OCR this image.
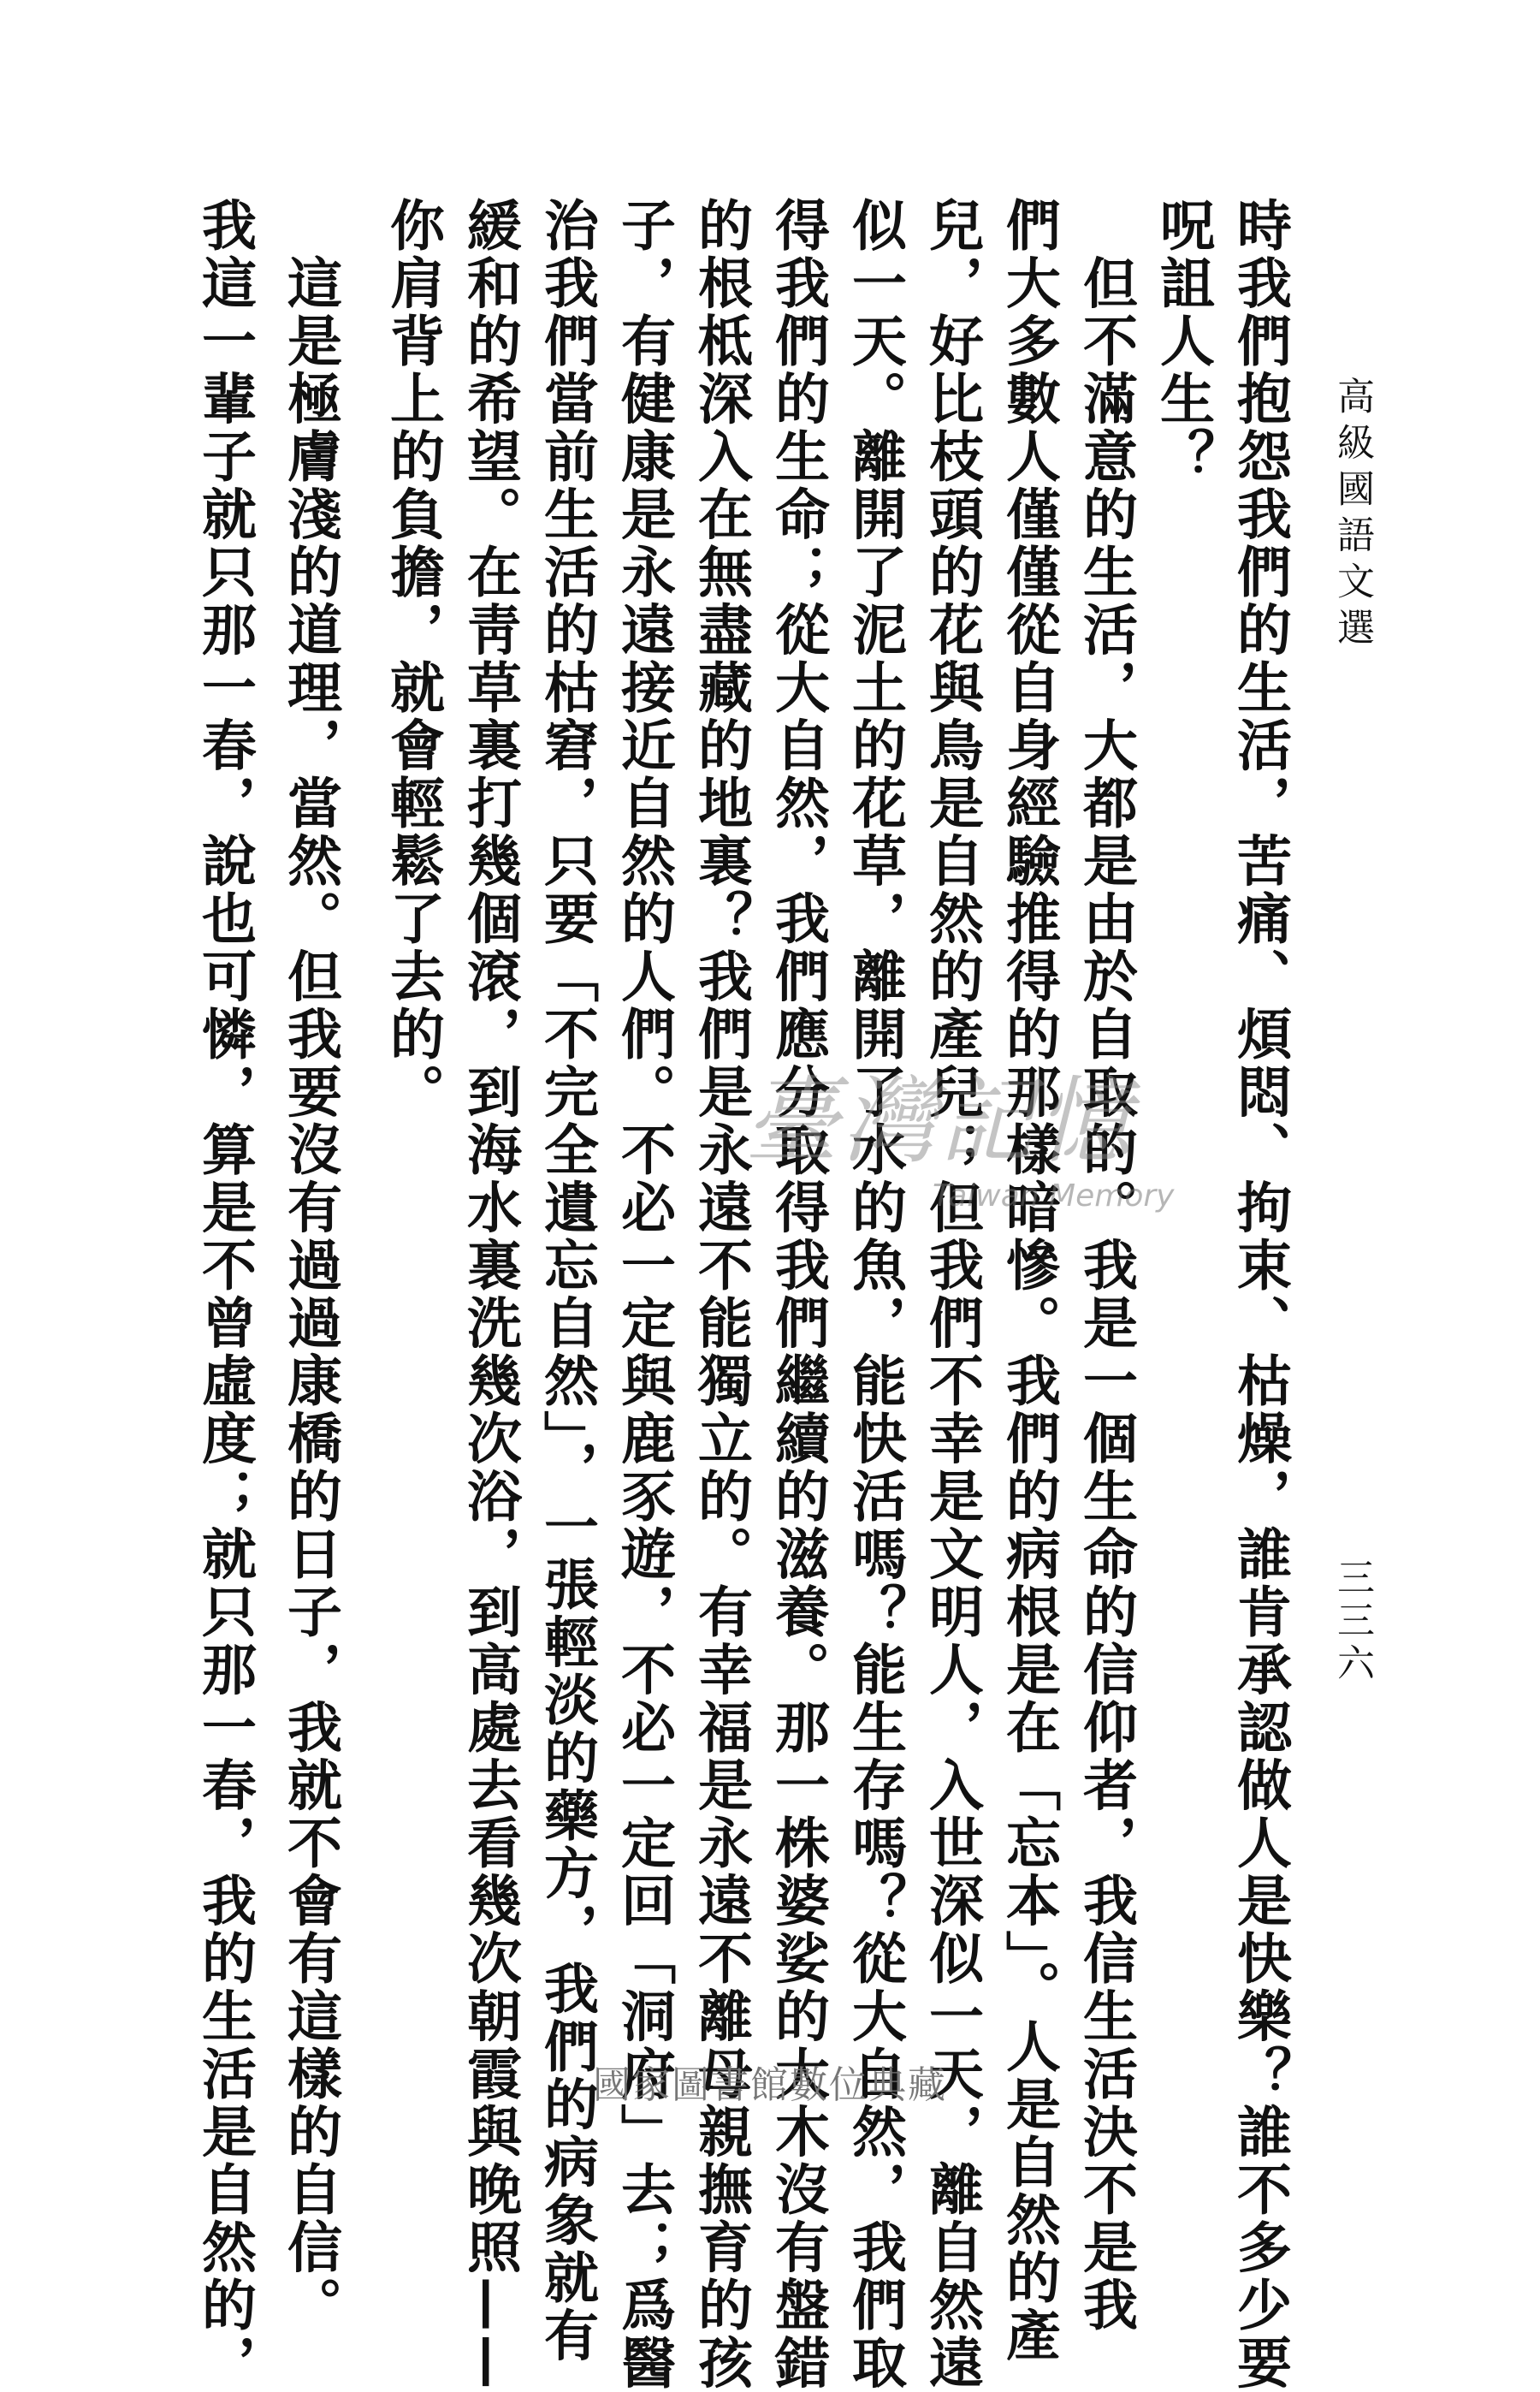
高級國語文選
三三六
時我們抱怨我們的生活，苦痛、煩悶、拘束、枯燥，誰肯承認做人是快樂？誰不多少要
呪詛人生？
　但不滿意的生活，大都是由於自取的。我是一個生命的信仰者，我信生活決不是我
們大多數人僅僅從自身經驗推得的那樣暗慘。我們的病根是在「忘本」。人是自然的產
兒，好比枝頭的花與鳥是自然的產兒；但我們不幸是文明人，入世深似一天，離自然遠
似一天。離開了泥土的花草，離開了水的魚，能快活嗎？能生存嗎？從大自然，我們取
得我們的生命；從大自然，我們應分取得我們繼續的滋養。那一株婆娑的大木沒有盤錯
的根柢深入在無盡藏的地裏？我們是永遠不能獨立的。有幸福是永遠不離母親撫育的孩
子，有健康是永遠接近自然的人們。不必一定與鹿豕遊，不必一定回「洞府」去；爲醫
治我們當前生活的枯窘，只要「不完全遺忘自然」，一張輕淡的藥方，我們的病象就有
緩和的希望。在靑草裏打幾個滾，到海水裏洗幾次浴，到高處去看幾次朝霞與晚照——
你肩背上的負擔，就會輕鬆了去的。
　這是極膚淺的道理，當然。但我要沒有過過康橋的日子，我就不會有這樣的自信。
我這一輩子就只那一春，說也可憐，算是不曾虛度；就只那一春，我的生活是自然的，	臺灣記憶
Taiwan Memory
國家圖書館數位典藏
